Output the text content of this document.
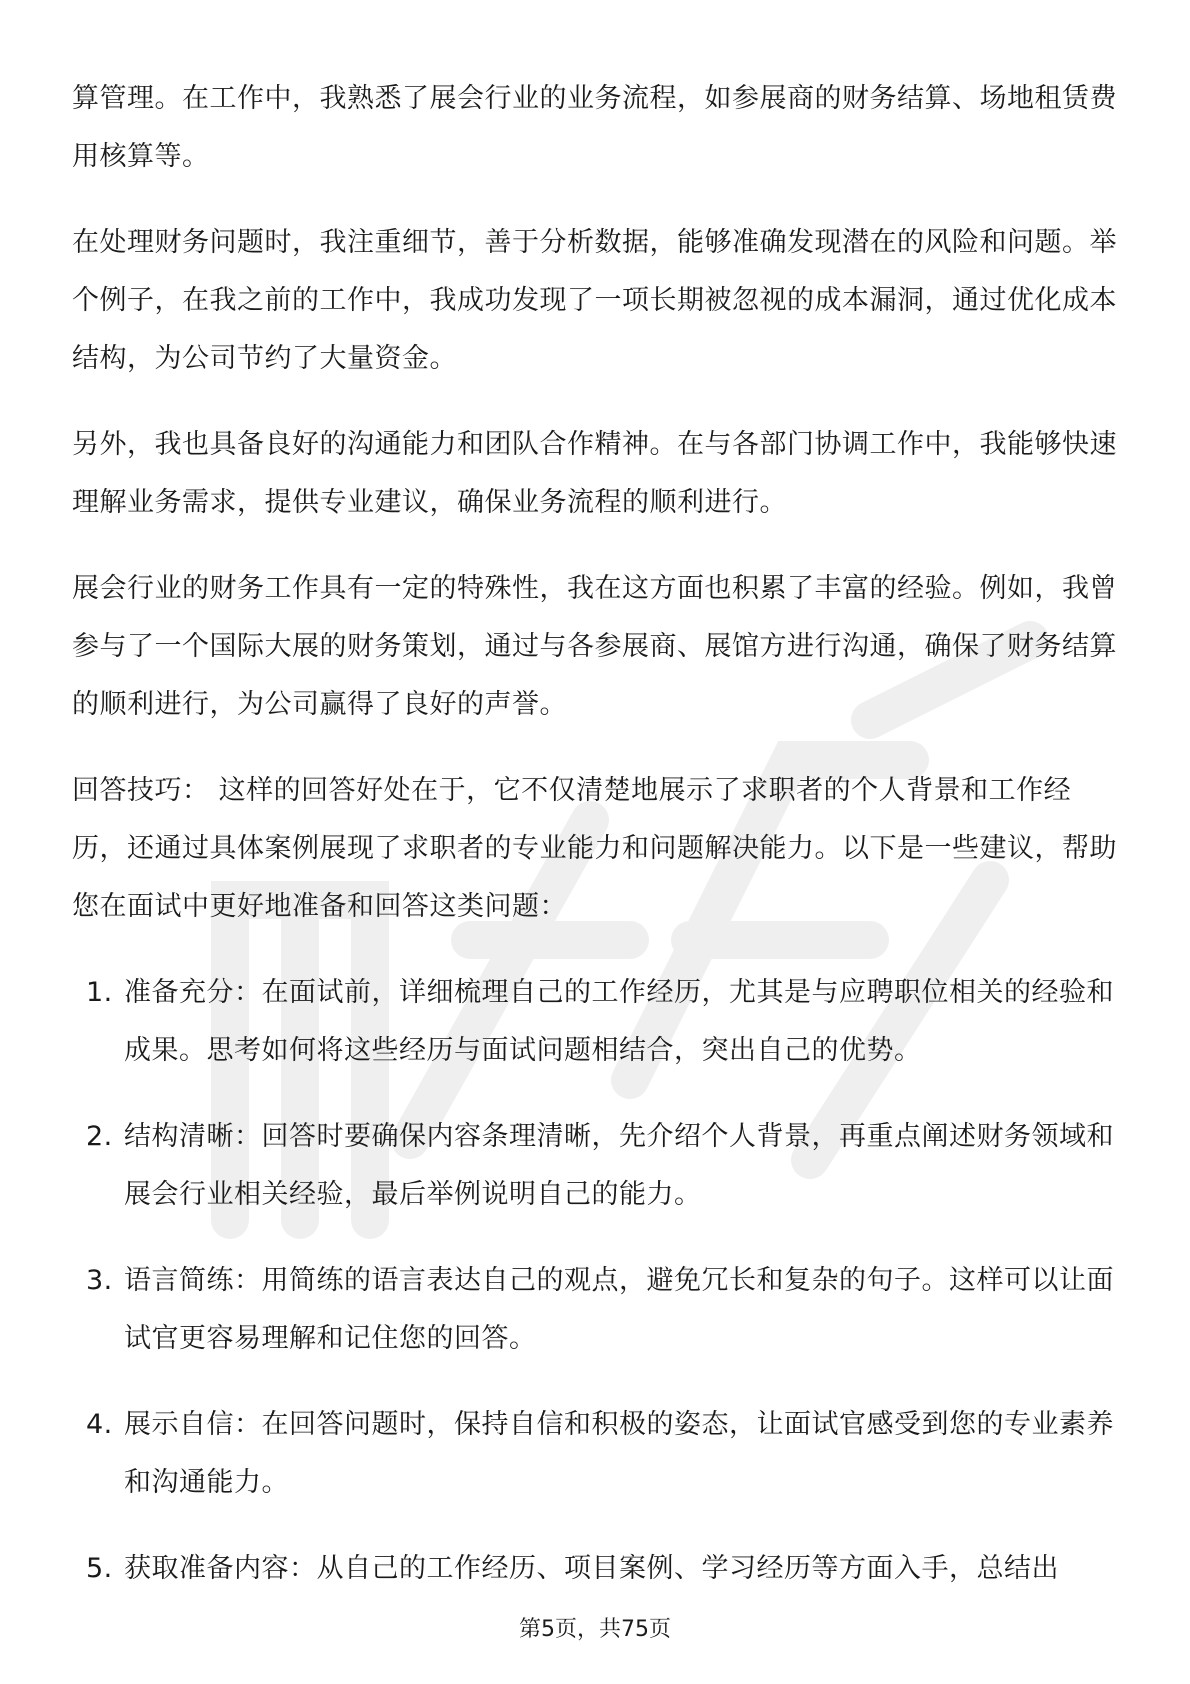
算管理。在工作中，我熟悉了展会行业的业务流程，如参展商的财务结算、场地租赁费用核算等。

在处理财务问题时，我注重细节，善于分析数据，能够准确发现潜在的风险和问题。举个例子，在我之前的工作中，我成功发现了一项长期被忽视的成本漏洞，通过优化成本结构，为公司节约了大量资金。

另外，我也具备良好的沟通能力和团队合作精神。在与各部门协调工作中，我能够快速理解业务需求，提供专业建议，确保业务流程的顺利进行。

展会行业的财务工作具有一定的特殊性，我在这方面也积累了丰富的经验。例如，我曾参与了一个国际大展的财务策划，通过与各参展商、展馆方进行沟通，确保了财务结算的顺利进行，为公司赢得了良好的声誉。

回答技巧： 这样的回答好处在于，它不仅清楚地展示了求职者的个人背景和工作经历，还通过具体案例展现了求职者的专业能力和问题解决能力。以下是一些建议，帮助您在面试中更好地准备和回答这类问题：

1. 准备充分：在面试前，详细梳理自己的工作经历，尤其是与应聘职位相关的经验和成果。思考如何将这些经历与面试问题相结合，突出自己的优势。
2. 结构清晰：回答时要确保内容条理清晰，先介绍个人背景，再重点阐述财务领域和展会行业相关经验，最后举例说明自己的能力。
3. 语言简练：用简练的语言表达自己的观点，避免冗长和复杂的句子。这样可以让面试官更容易理解和记住您的回答。
4. 展示自信：在回答问题时，保持自信和积极的姿态，让面试官感受到您的专业素养和沟通能力。
5. 获取准备内容：从自己的工作经历、项目案例、学习经历等方面入手，总结出
第5页，共75页
